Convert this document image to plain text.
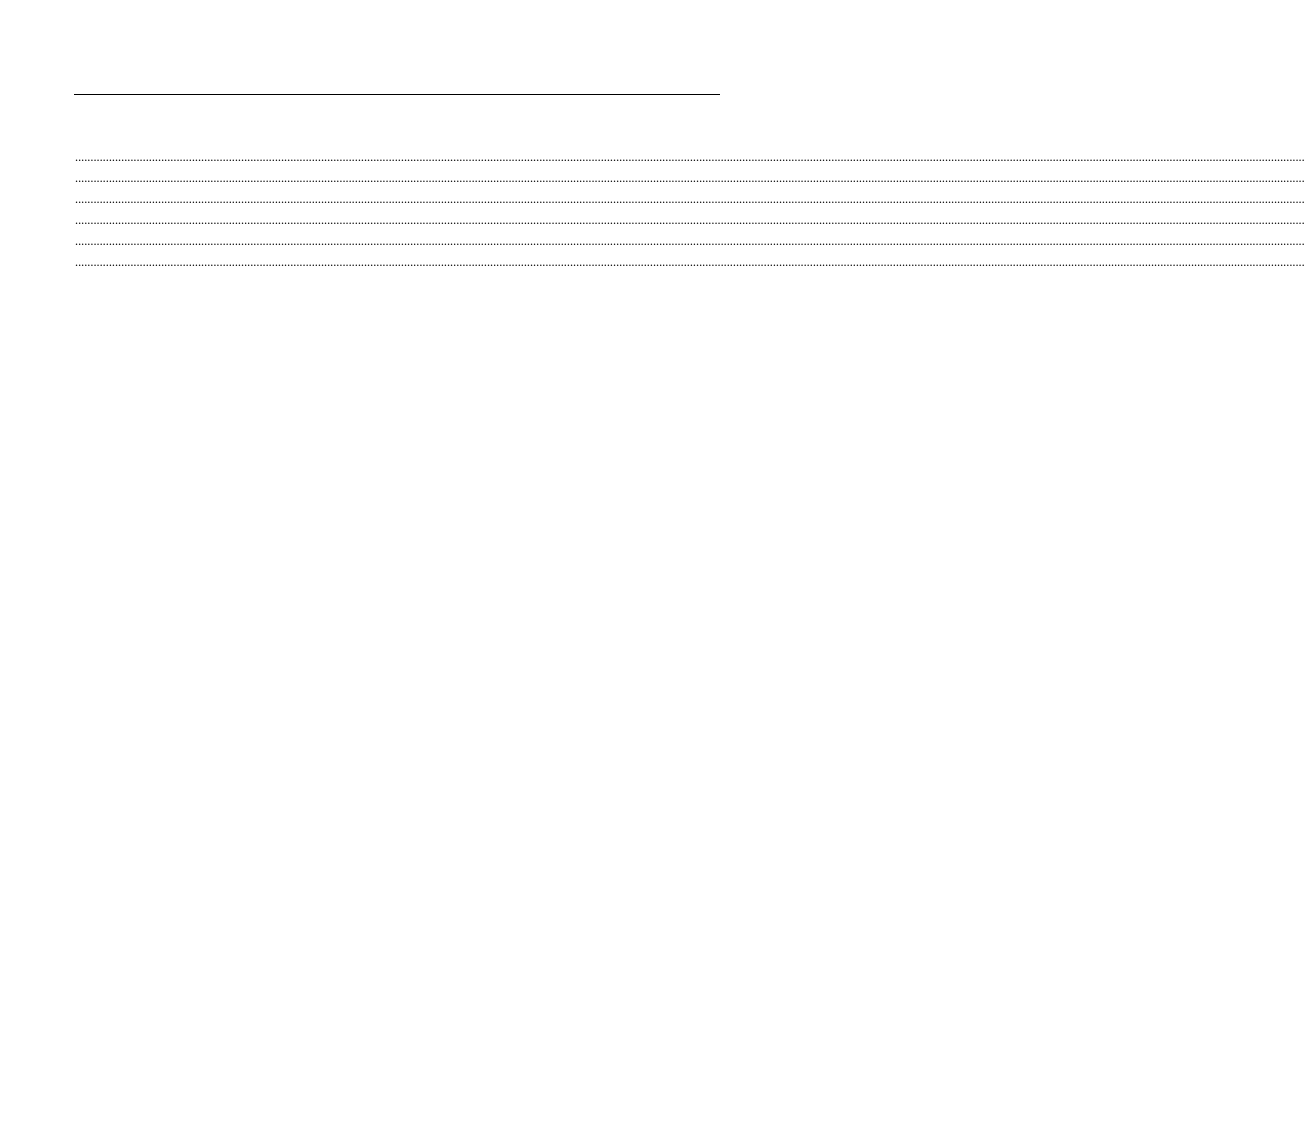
................................................................................................................................................................................................................................................................................................................................................................................................................
................................................................................................................................................................................................................................................................................................................................................................................................................
................................................................................................................................................................................................................................................................................................................................................................................................................
................................................................................................................................................................................................................................................................................................................................................................................................................
................................................................................................................................................................................................................................................................................................................................................................................................................
................................................................................................................................................................................................................................................................................................................................................................................................................
